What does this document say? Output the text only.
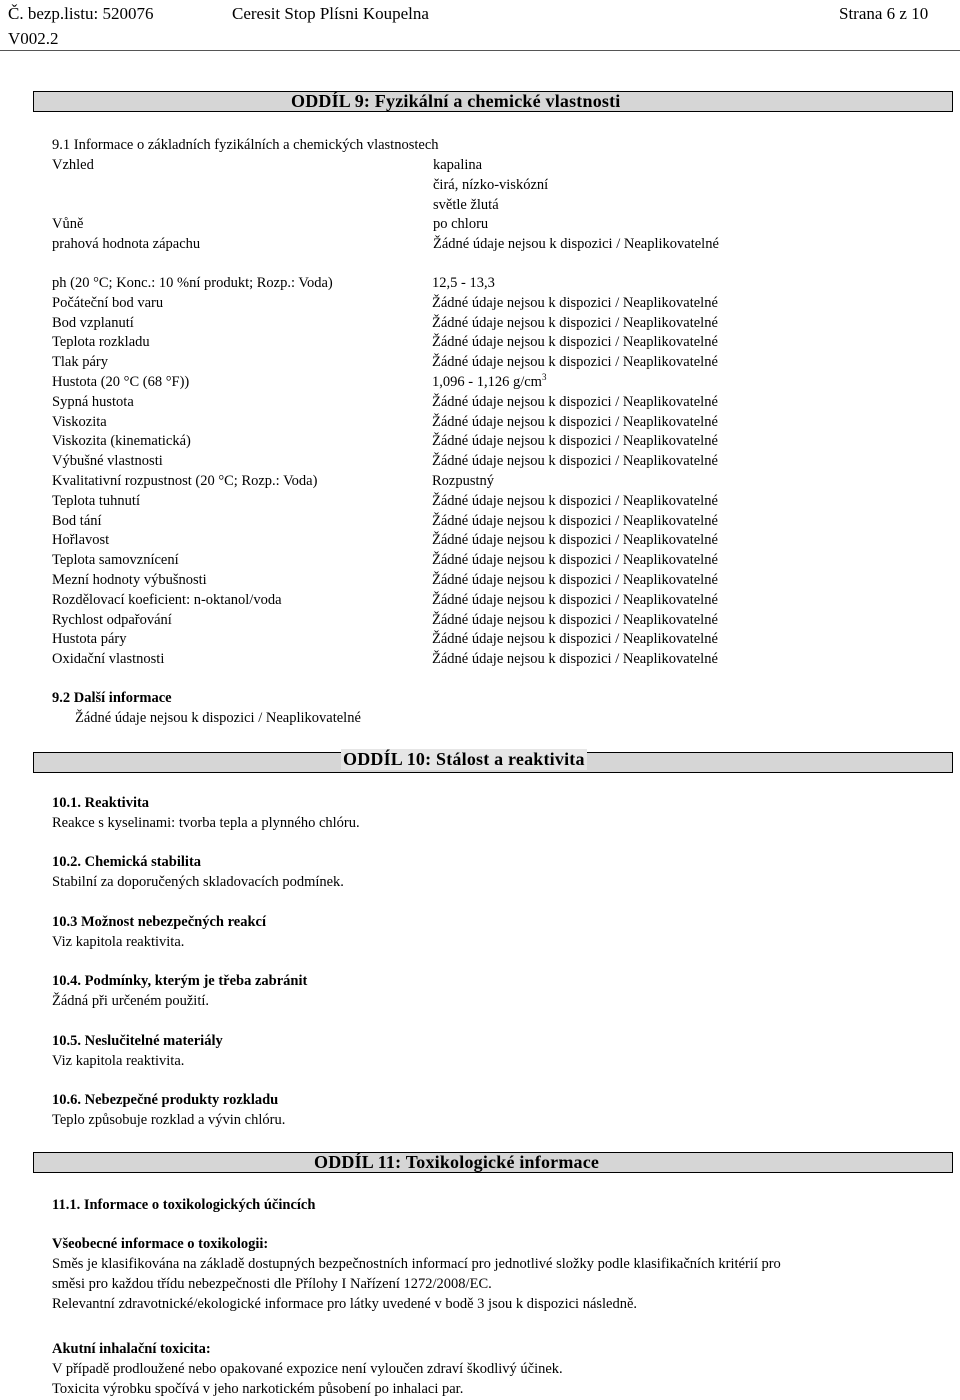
Č. bezp.listu: 520076	Ceresit Stop Plísni Koupelna	Strana 6 z 10
V002.2
ODDÍL 9: Fyzikální a chemické vlastnosti
9.1 Informace o základních fyzikálních a chemických vlastnostech
Vzhled	kapalina
čirá, nízko-viskózní
světle žlutá
Vůně	po chloru
prahová hodnota zápachu	Žádné údaje nejsou k dispozici / Neaplikovatelné
ph (20 °C; Konc.: 10 %ní produkt; Rozp.: Voda)	12,5 - 13,3
Počáteční bod varu	Žádné údaje nejsou k dispozici / Neaplikovatelné
Bod vzplanutí	Žádné údaje nejsou k dispozici / Neaplikovatelné
Teplota rozkladu	Žádné údaje nejsou k dispozici / Neaplikovatelné
Tlak páry	Žádné údaje nejsou k dispozici / Neaplikovatelné
Hustota (20 °C (68 °F))	1,096 - 1,126 $g/cm^3$
Sypná hustota	Žádné údaje nejsou k dispozici / Neaplikovatelné
Viskozita	Žádné údaje nejsou k dispozici / Neaplikovatelné
Viskozita (kinematická)	Žádné údaje nejsou k dispozici / Neaplikovatelné
Výbušné vlastnosti	Žádné údaje nejsou k dispozici / Neaplikovatelné
Kvalitativní rozpustnost (20 °C; Rozp.: Voda)	Rozpustný
Teplota tuhnutí	Žádné údaje nejsou k dispozici / Neaplikovatelné
Bod tání	Žádné údaje nejsou k dispozici / Neaplikovatelné
Hořlavost	Žádné údaje nejsou k dispozici / Neaplikovatelné
Teplota samovznícení	Žádné údaje nejsou k dispozici / Neaplikovatelné
Mezní hodnoty výbušnosti	Žádné údaje nejsou k dispozici / Neaplikovatelné
Rozdělovací koeficient: n-oktanol/voda	Žádné údaje nejsou k dispozici / Neaplikovatelné
Rychlost odpařování	Žádné údaje nejsou k dispozici / Neaplikovatelné
Hustota páry	Žádné údaje nejsou k dispozici / Neaplikovatelné
Oxidační vlastnosti	Žádné údaje nejsou k dispozici / Neaplikovatelné
9.2 Další informace
Žádné údaje nejsou k dispozici / Neaplikovatelné
ODDÍL 10: Stálost a reaktivita
10.1. Reaktivita
Reakce s kyselinami: tvorba tepla a plynného chlóru.
10.2. Chemická stabilita
Stabilní za doporučených skladovacích podmínek.
10.3 Možnost nebezpečných reakcí
Viz kapitola reaktivita.
10.4. Podmínky, kterým je třeba zabránit
Žádná při určeném použití.
10.5. Neslučitelné materiály
Viz kapitola reaktivita.
10.6. Nebezpečné produkty rozkladu
Teplo způsobuje rozklad a vývin chlóru.
ODDÍL 11: Toxikologické informace
11.1. Informace o toxikologických účincích
Všeobecné informace o toxikologii:
Směs je klasifikována na základě dostupných bezpečnostních informací pro jednotlivé složky podle klasifikačních kritérií pro
směsi pro každou třídu nebezpečnosti dle Přílohy I Nařízení 1272/2008/EC.
Relevantní zdravotnické/ekologické informace pro látky uvedené v bodě 3 jsou k dispozici následně.
Akutní inhalační toxicita:
V případě prodloužené nebo opakované expozice není vyloučen zdraví škodlivý účinek.
Toxicita výrobku spočívá v jeho narkotickém působení po inhalaci par.
